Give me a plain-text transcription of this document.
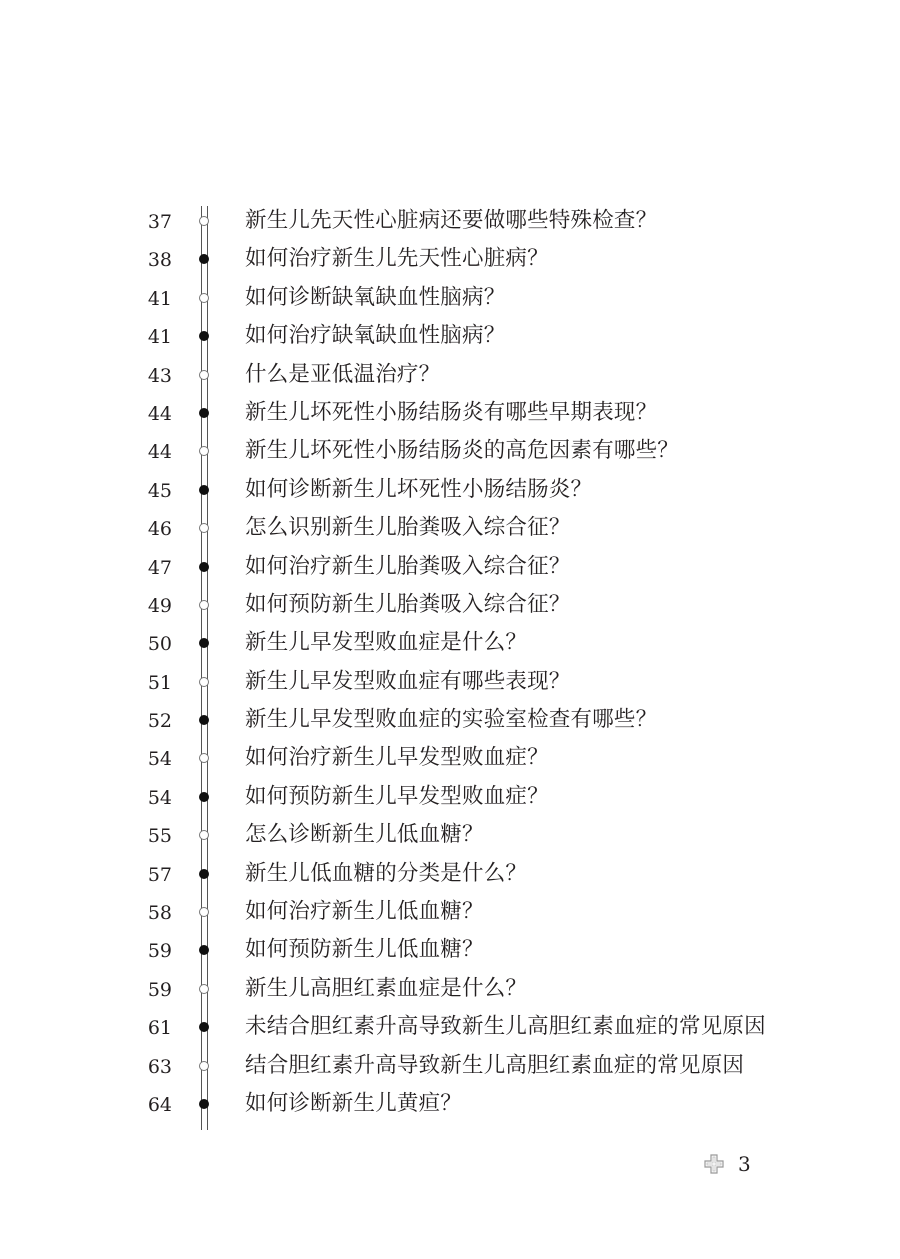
37	新生儿先天性心脏病还要做哪些特殊检查？
38	如何治疗新生儿先天性心脏病？
41	如何诊断缺氧缺血性脑病？
41	如何治疗缺氧缺血性脑病？
43	什么是亚低温治疗？
44	新生儿坏死性小肠结肠炎有哪些早期表现？
44	新生儿坏死性小肠结肠炎的高危因素有哪些？
45	如何诊断新生儿坏死性小肠结肠炎？
46	怎么识别新生儿胎粪吸入综合征？
47	如何治疗新生儿胎粪吸入综合征？
49	如何预防新生儿胎粪吸入综合征？
50	新生儿早发型败血症是什么？
51	新生儿早发型败血症有哪些表现？
52	新生儿早发型败血症的实验室检查有哪些？
54	如何治疗新生儿早发型败血症？
54	如何预防新生儿早发型败血症？
55	怎么诊断新生儿低血糖？
57	新生儿低血糖的分类是什么？
58	如何治疗新生儿低血糖？
59	如何预防新生儿低血糖？
59	新生儿高胆红素血症是什么？
61	未结合胆红素升高导致新生儿高胆红素血症的常见原因
63	结合胆红素升高导致新生儿高胆红素血症的常见原因
64	如何诊断新生儿黄疸？
3
